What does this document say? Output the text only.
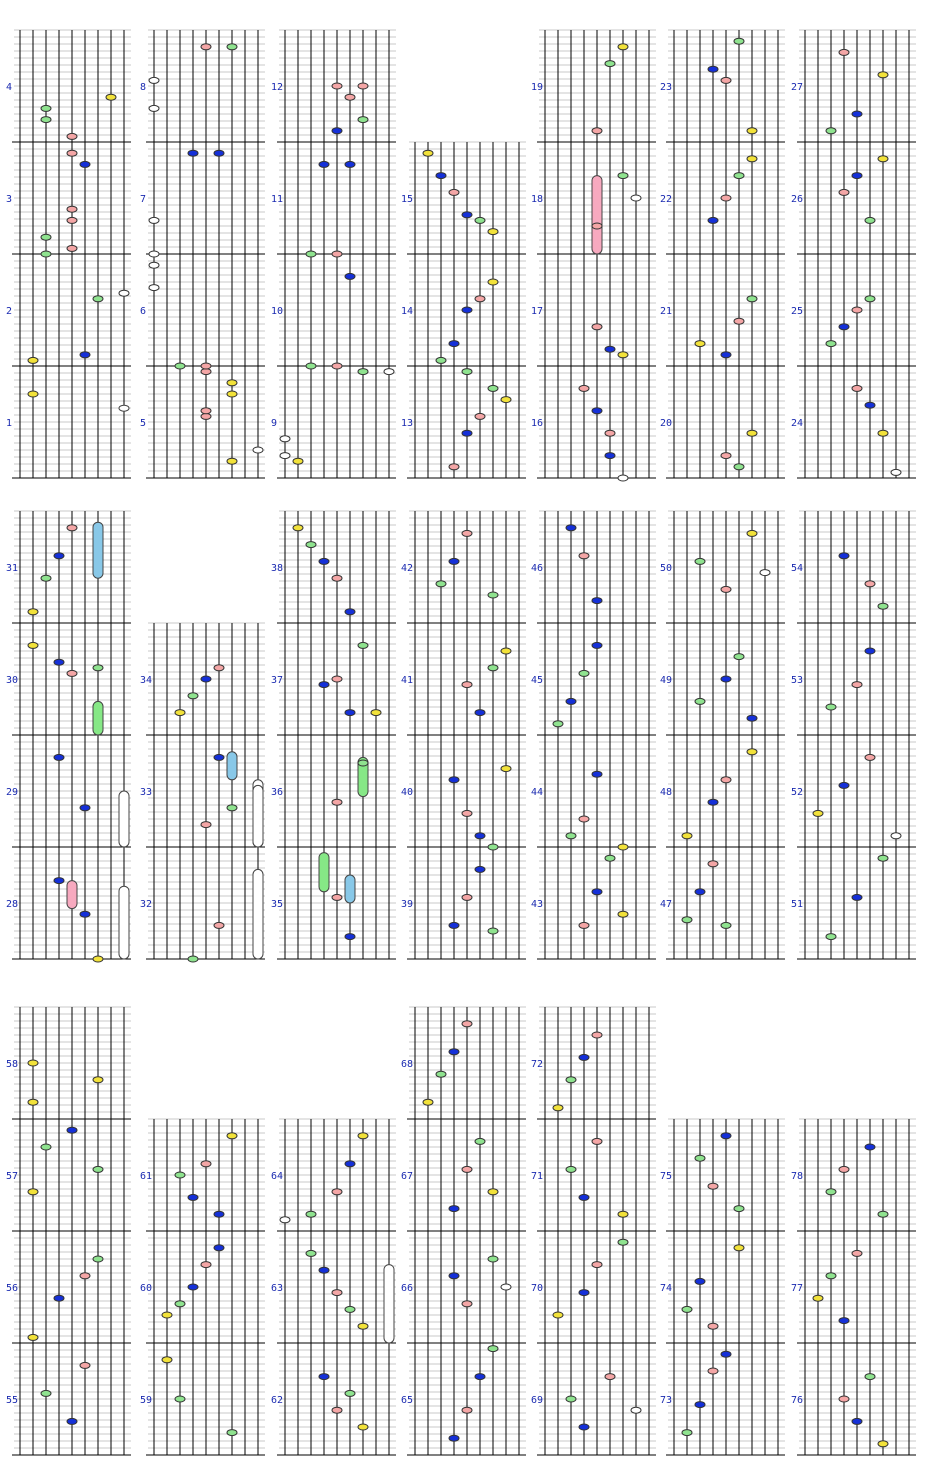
1
2
3
4
5
6
7
8
9
10
11
12
13
14
15
16
17
18
19
20
21
22
23
24
25
26
27
28
29
30
31
32
33
34
35
36
37
38
39
40
41
42
43
44
45
46
47
48
49
50
51
52
53
54
55
56
57
58
59
60
61
62
63
64
65
66
67
68
69
70
71
72
73
74
75
76
77
78
